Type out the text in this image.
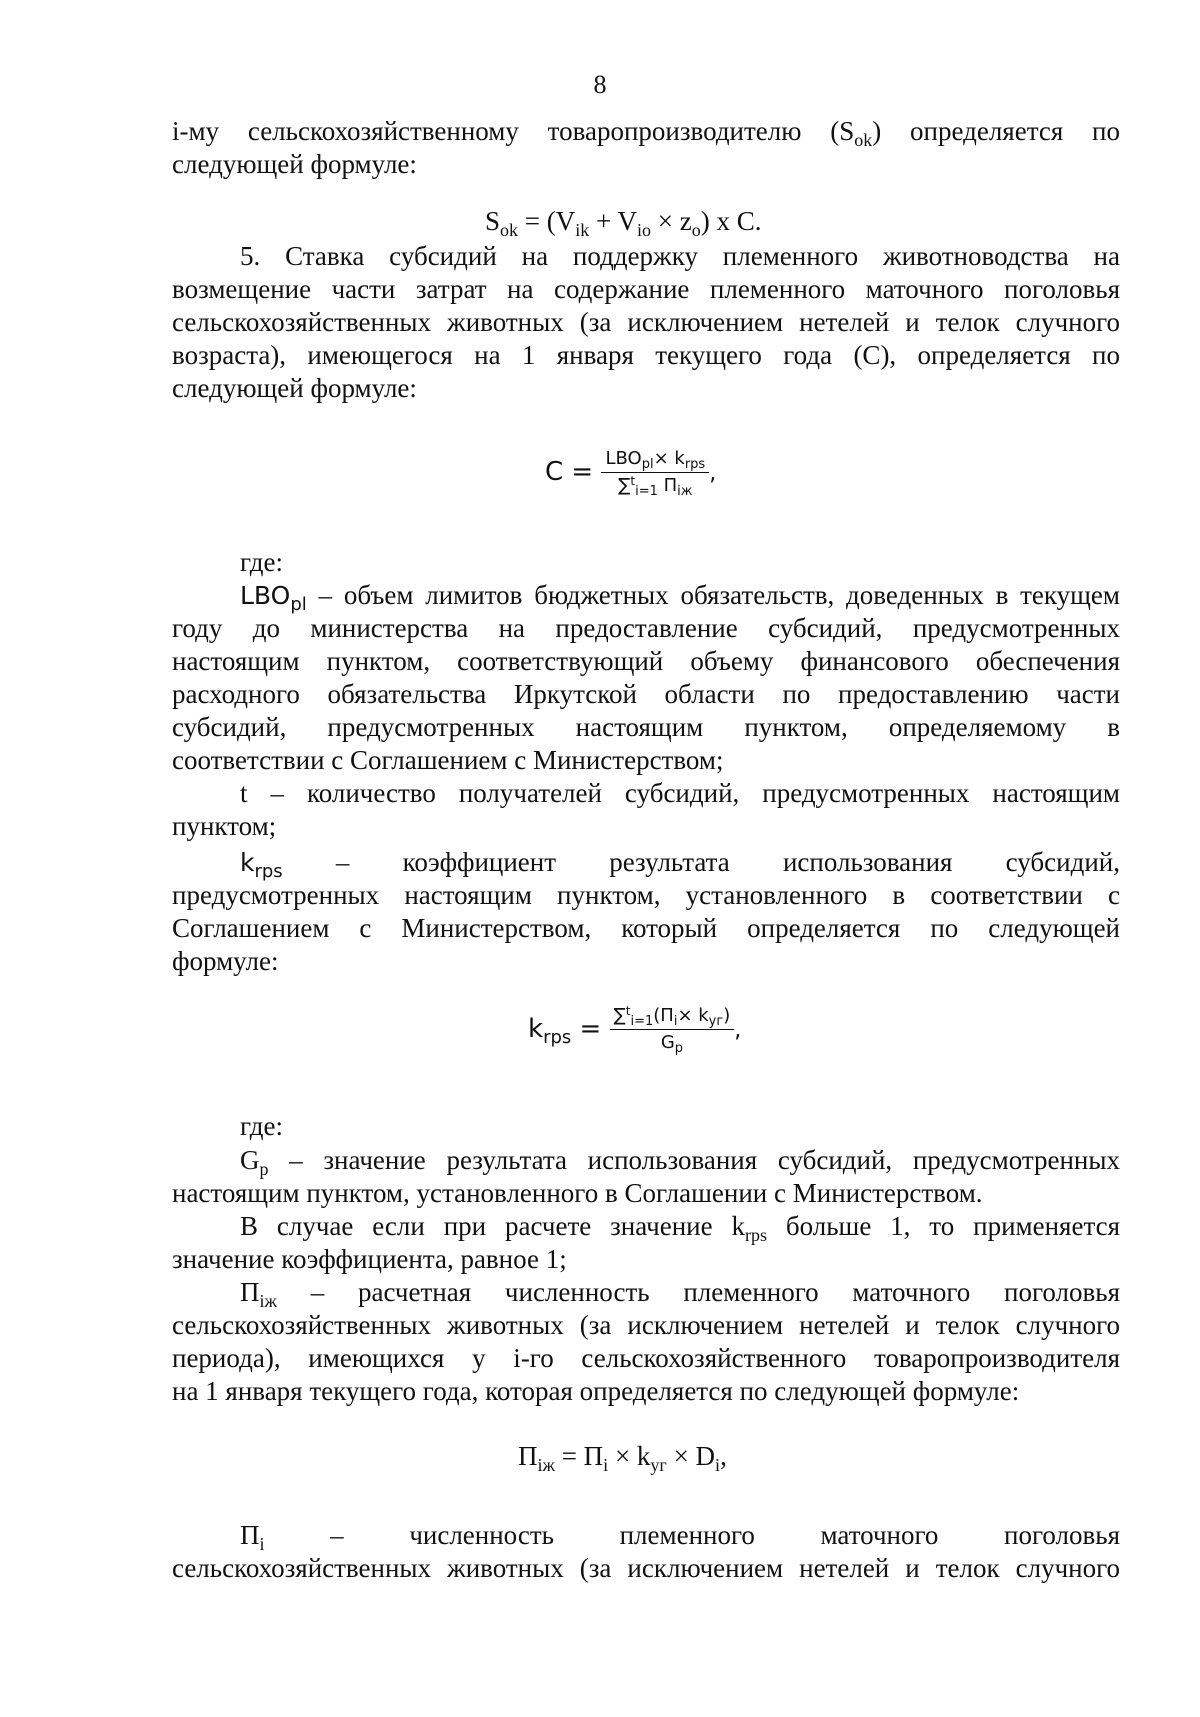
8
i-му сельскохозяйственному товаропроизводителю $(S_{ok})$ определяется по
следующей формуле:
$S_{ok} = (V_{ik} + V_{io} \times z_o)$ x C.
5. Ставка субсидий на поддержку племенного животноводства на
возмещение части затрат на содержание племенного маточного поголовья
сельскохозяйственных животных (за исключением нетелей и телок случного
возраста), имеющегося на 1 января текущего года (C), определяется по
следующей формуле:
$C = \frac{LBO_{pl}\times k_{rps}}{\sum^t_{i=1} П_{iж}}$ ,
где:
$LBO_{pl}$ – объем лимитов бюджетных обязательств, доведенных в текущем
году до министерства на предоставление субсидий, предусмотренных
настоящим пунктом, соответствующий объему финансового обеспечения
расходного обязательства Иркутской области по предоставлению части
субсидий, предусмотренных настоящим пунктом, определяемому в
соответствии с Соглашением с Министерством;
t – количество получателей субсидий, предусмотренных настоящим
пунктом;
$k_{rps}$ – коэффициент результата использования субсидий,
предусмотренных настоящим пунктом, установленного в соответствии с
Соглашением с Министерством, который определяется по следующей
формуле:
$k_{rps} = \frac{\sum^t_{i=1}(П_i\times k_{уг})}{G_p}$ ,
где:
$G_p$ – значение результата использования субсидий, предусмотренных
настоящим пунктом, установленного в Соглашении с Министерством.
В случае если при расчете значение $k_{rps}$ больше 1, то применяется
значение коэффициента, равное 1;
$П_{iж}$ – расчетная численность племенного маточного поголовья
сельскохозяйственных животных (за исключением нетелей и телок случного
периода), имеющихся у i-го сельскохозяйственного товаропроизводителя
на 1 января текущего года, которая определяется по следующей формуле:
$П_{iж} = П_i \times k_{уг} \times D_i$,
$П_i$ – численность племенного маточного поголовья
сельскохозяйственных животных (за исключением нетелей и телок случного
